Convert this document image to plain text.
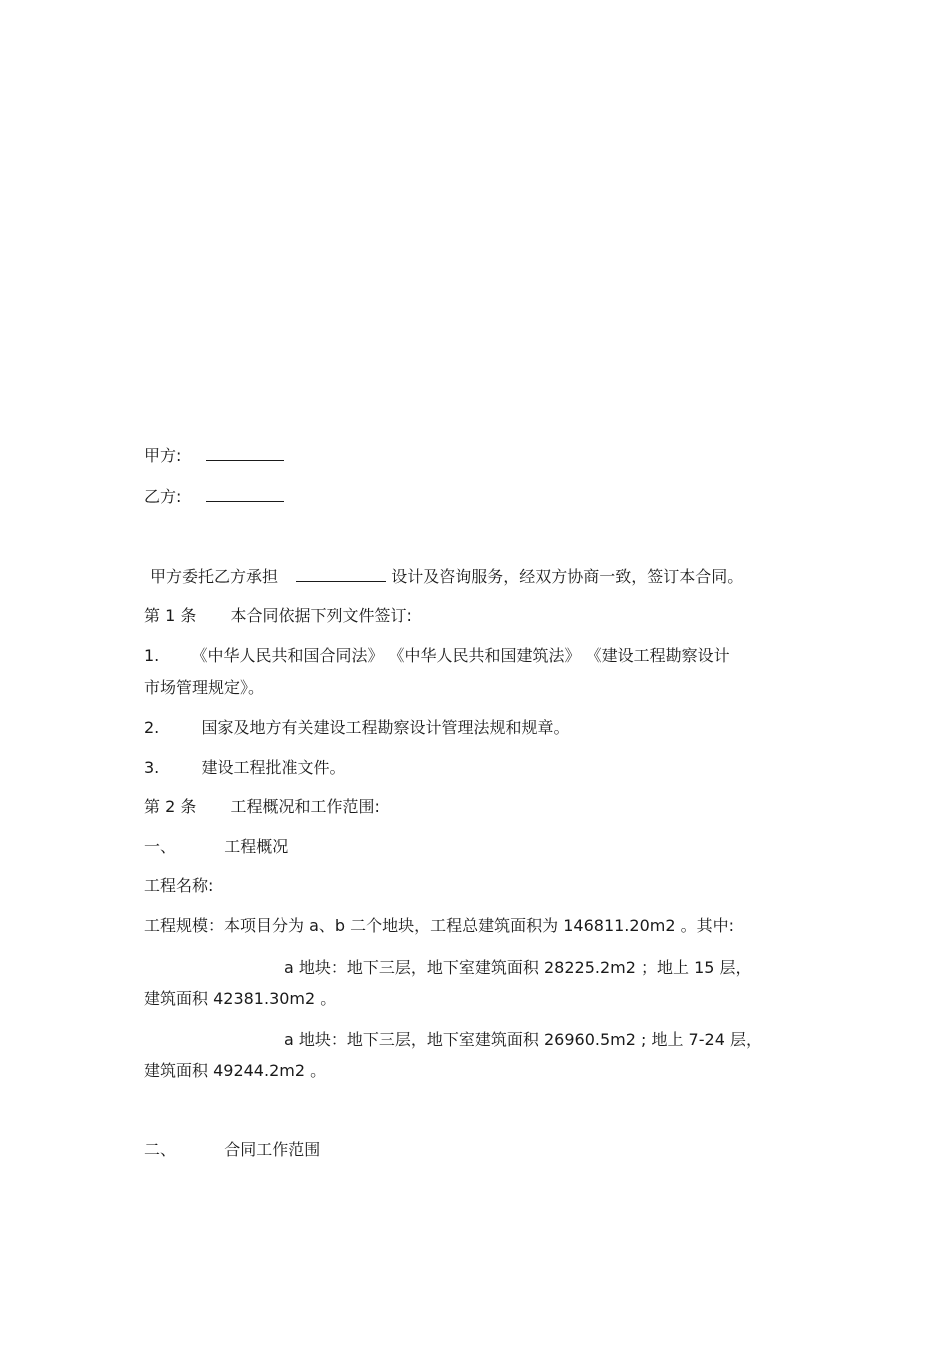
甲方:
乙方:
甲方委托乙方承担	设计及咨询服务，经双方协商一致，签订本合同。
第 1 条 本合同依据下列文件签订:
1. 《中华人民共和国合同法》 《中华人民共和国建筑法》 《建设工程勘察设计
市场管理规定》。
2.	国家及地方有关建设工程勘察设计管理法规和规章。
3.	建设工程批准文件。
第 2 条 工程概况和工作范围:
一、	工程概况
工程名称:
工程规模：本项目分为 a、b 二个地块，工程总建筑面积为 146811.20m2 。其中:
a 地块：地下三层，地下室建筑面积 28225.2m2 ；地上 15 层，
建筑面积 42381.30m2 。
a 地块：地下三层，地下室建筑面积 26960.5m2 ; 地上 7-24 层，
建筑面积 49244.2m2 。
二、	合同工作范围
